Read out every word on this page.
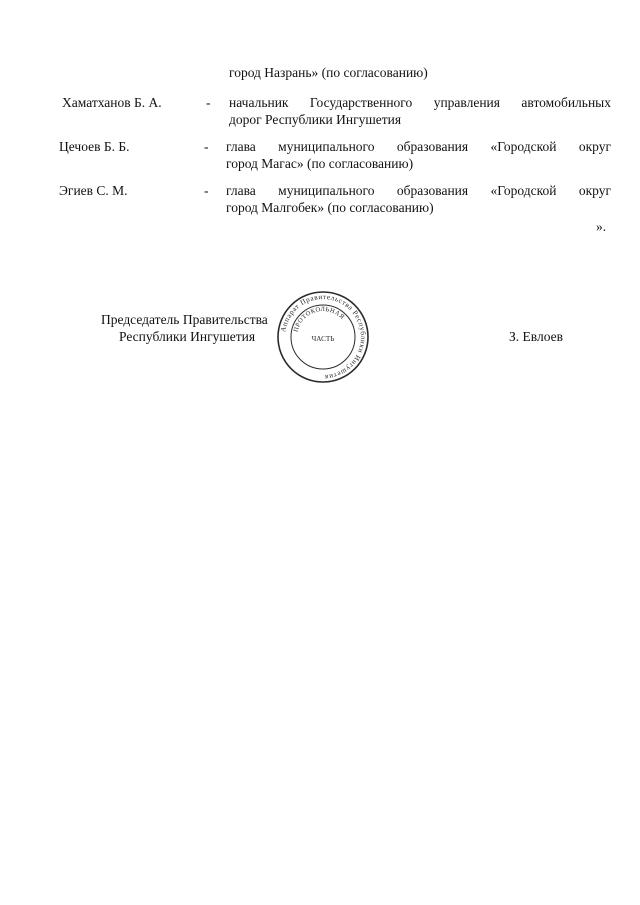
город Назрань» (по согласованию)
Хаматханов Б. А.	- начальник Государственного управления автомобильных
дорог Республики Ингушетия
Цечоев Б. Б.	- глава муниципального образования «Городской округ
город Магас» (по согласованию)
Эгиев С. М.	- глава муниципального образования «Городской округ
город Малгобек» (по согласованию)
».
Председатель Правительства
Республики Ингушетия	З. Евлоев
Аппарат Правительства Республики Ингушетия
ПРОТОКОЛЬНАЯ
ЧАСТЬ
